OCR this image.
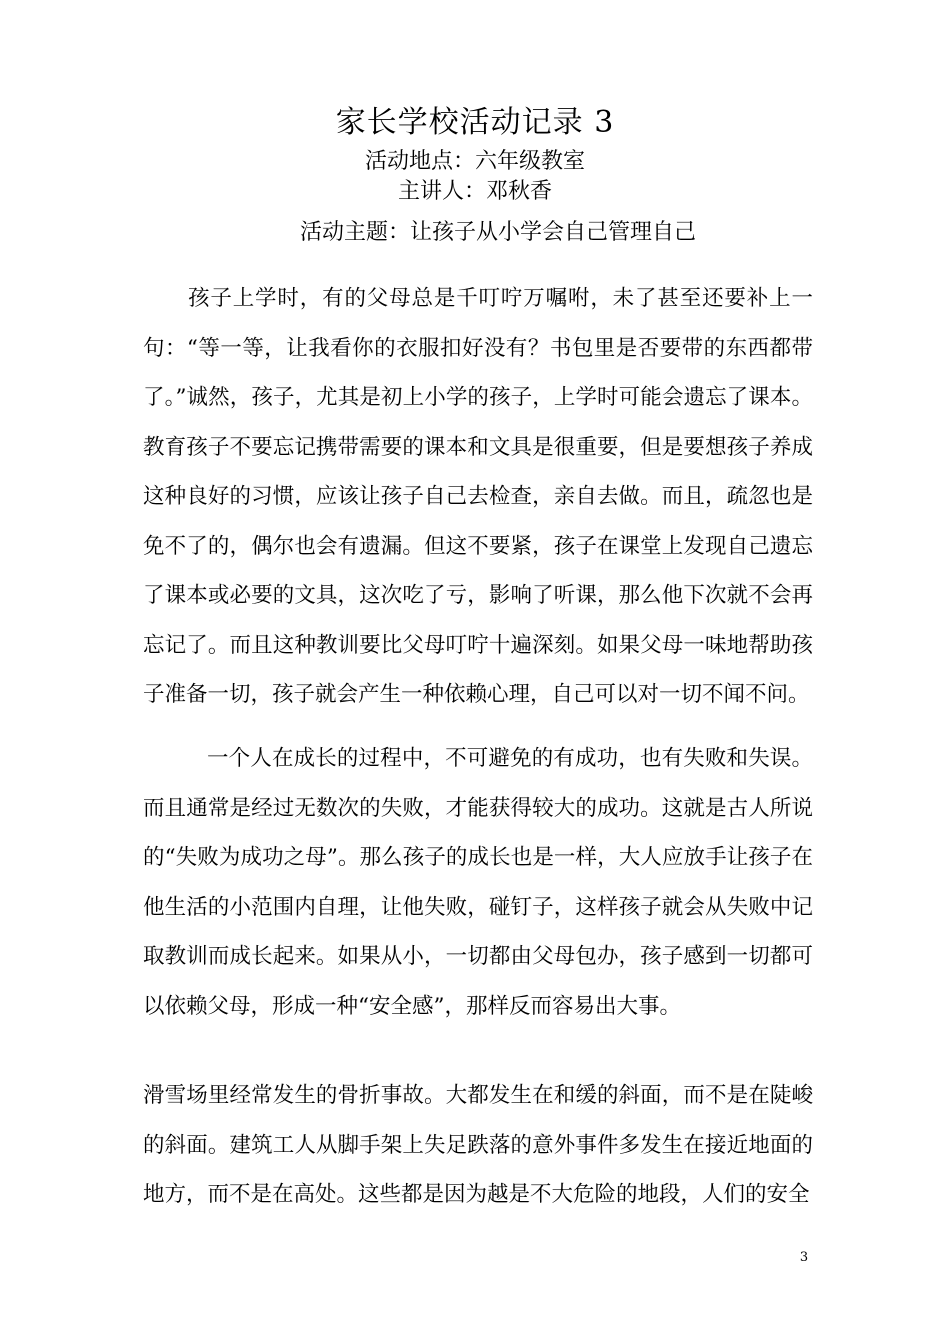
家长学校活动记录 3
活动地点：六年级教室
主讲人：邓秋香
活动主题：让孩子从小学会自己管理自己

孩子上学时，有的父母总是千叮咛万嘱咐，未了甚至还要补上一句：“等一等，让我看你的衣服扣好没有？书包里是否要带的东西都带了。”诚然，孩子，尤其是初上小学的孩子，上学时可能会遗忘了课本。教育孩子不要忘记携带需要的课本和文具是很重要，但是要想孩子养成这种良好的习惯，应该让孩子自己去检查，亲自去做。而且，疏忽也是免不了的，偶尔也会有遗漏。但这不要紧，孩子在课堂上发现自己遗忘了课本或必要的文具，这次吃了亏，影响了听课，那么他下次就不会再忘记了。而且这种教训要比父母叮咛十遍深刻。如果父母一味地帮助孩子准备一切，孩子就会产生一种依赖心理，自己可以对一切不闻不问。

一个人在成长的过程中，不可避免的有成功，也有失败和失误。而且通常是经过无数次的失败，才能获得较大的成功。这就是古人所说的“失败为成功之母”。那么孩子的成长也是一样，大人应放手让孩子在他生活的小范围内自理，让他失败，碰钉子，这样孩子就会从失败中记取教训而成长起来。如果从小，一切都由父母包办，孩子感到一切都可以依赖父母，形成一种“安全感”，那样反而容易出大事。

滑雪场里经常发生的骨折事故。大都发生在和缓的斜面，而不是在陡峻的斜面。建筑工人从脚手架上失足跌落的意外事件多发生在接近地面的地方，而不是在高处。这些都是因为越是不大危险的地段，人们的安全

3
